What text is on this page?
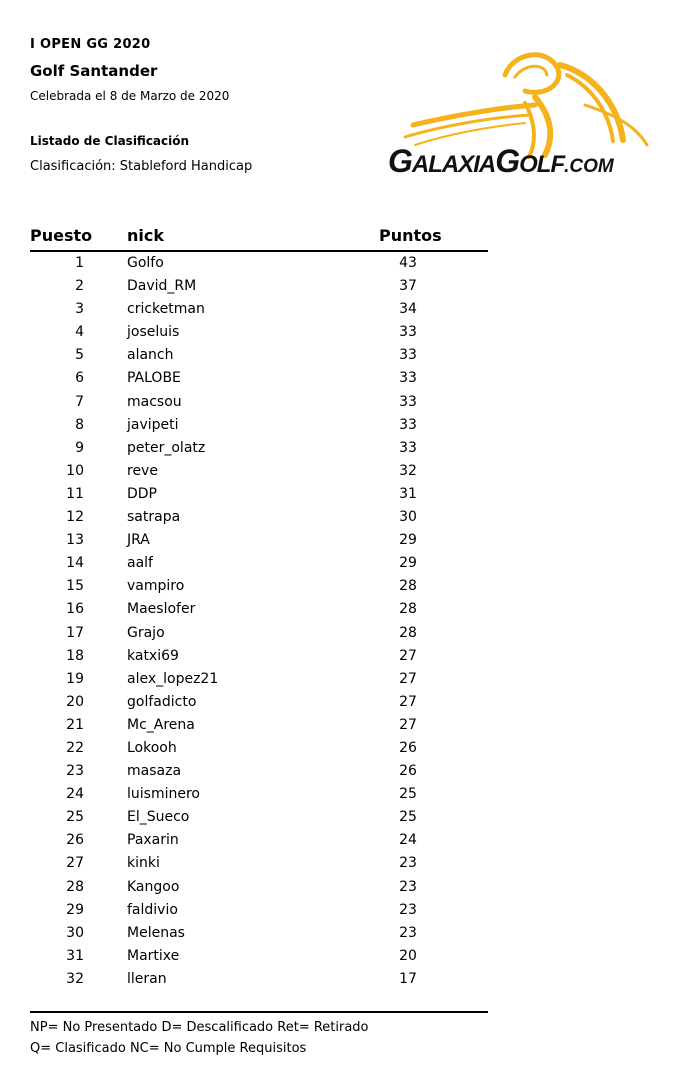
I OPEN GG 2020
Golf Santander
Celebrada el 8 de Marzo de 2020
Listado de Clasificación
Clasificación: Stableford Handicap	GALAXIAGOLF.COM
Puesto nick	Puntos
1	Golfo	43
2	David_RM	37
3	cricketman	34
4	joseluis	33
5	alanch	33
6	PALOBE	33
7	macsou	33
8	javipeti	33
9	peter_olatz	33
10	reve	32
11	DDP	31
12	satrapa	30
13	JRA	29
14	aalf	29
15	vampiro	28
16	Maeslofer	28
17	Grajo	28
18	katxi69	27
19	alex_lopez21	27
20	golfadicto	27
21	Mc_Arena	27
22	Lokooh	26
23	masaza	26
24	luisminero	25
25	El_Sueco	25
26	Paxarin	24
27	kinki	23
28	Kangoo	23
29	faldivio	23
30	Melenas	23
31	Martixe	20
32	lleran	17
NP= No Presentado D= Descalificado Ret= Retirado
Q= Clasificado NC= No Cumple Requisitos
